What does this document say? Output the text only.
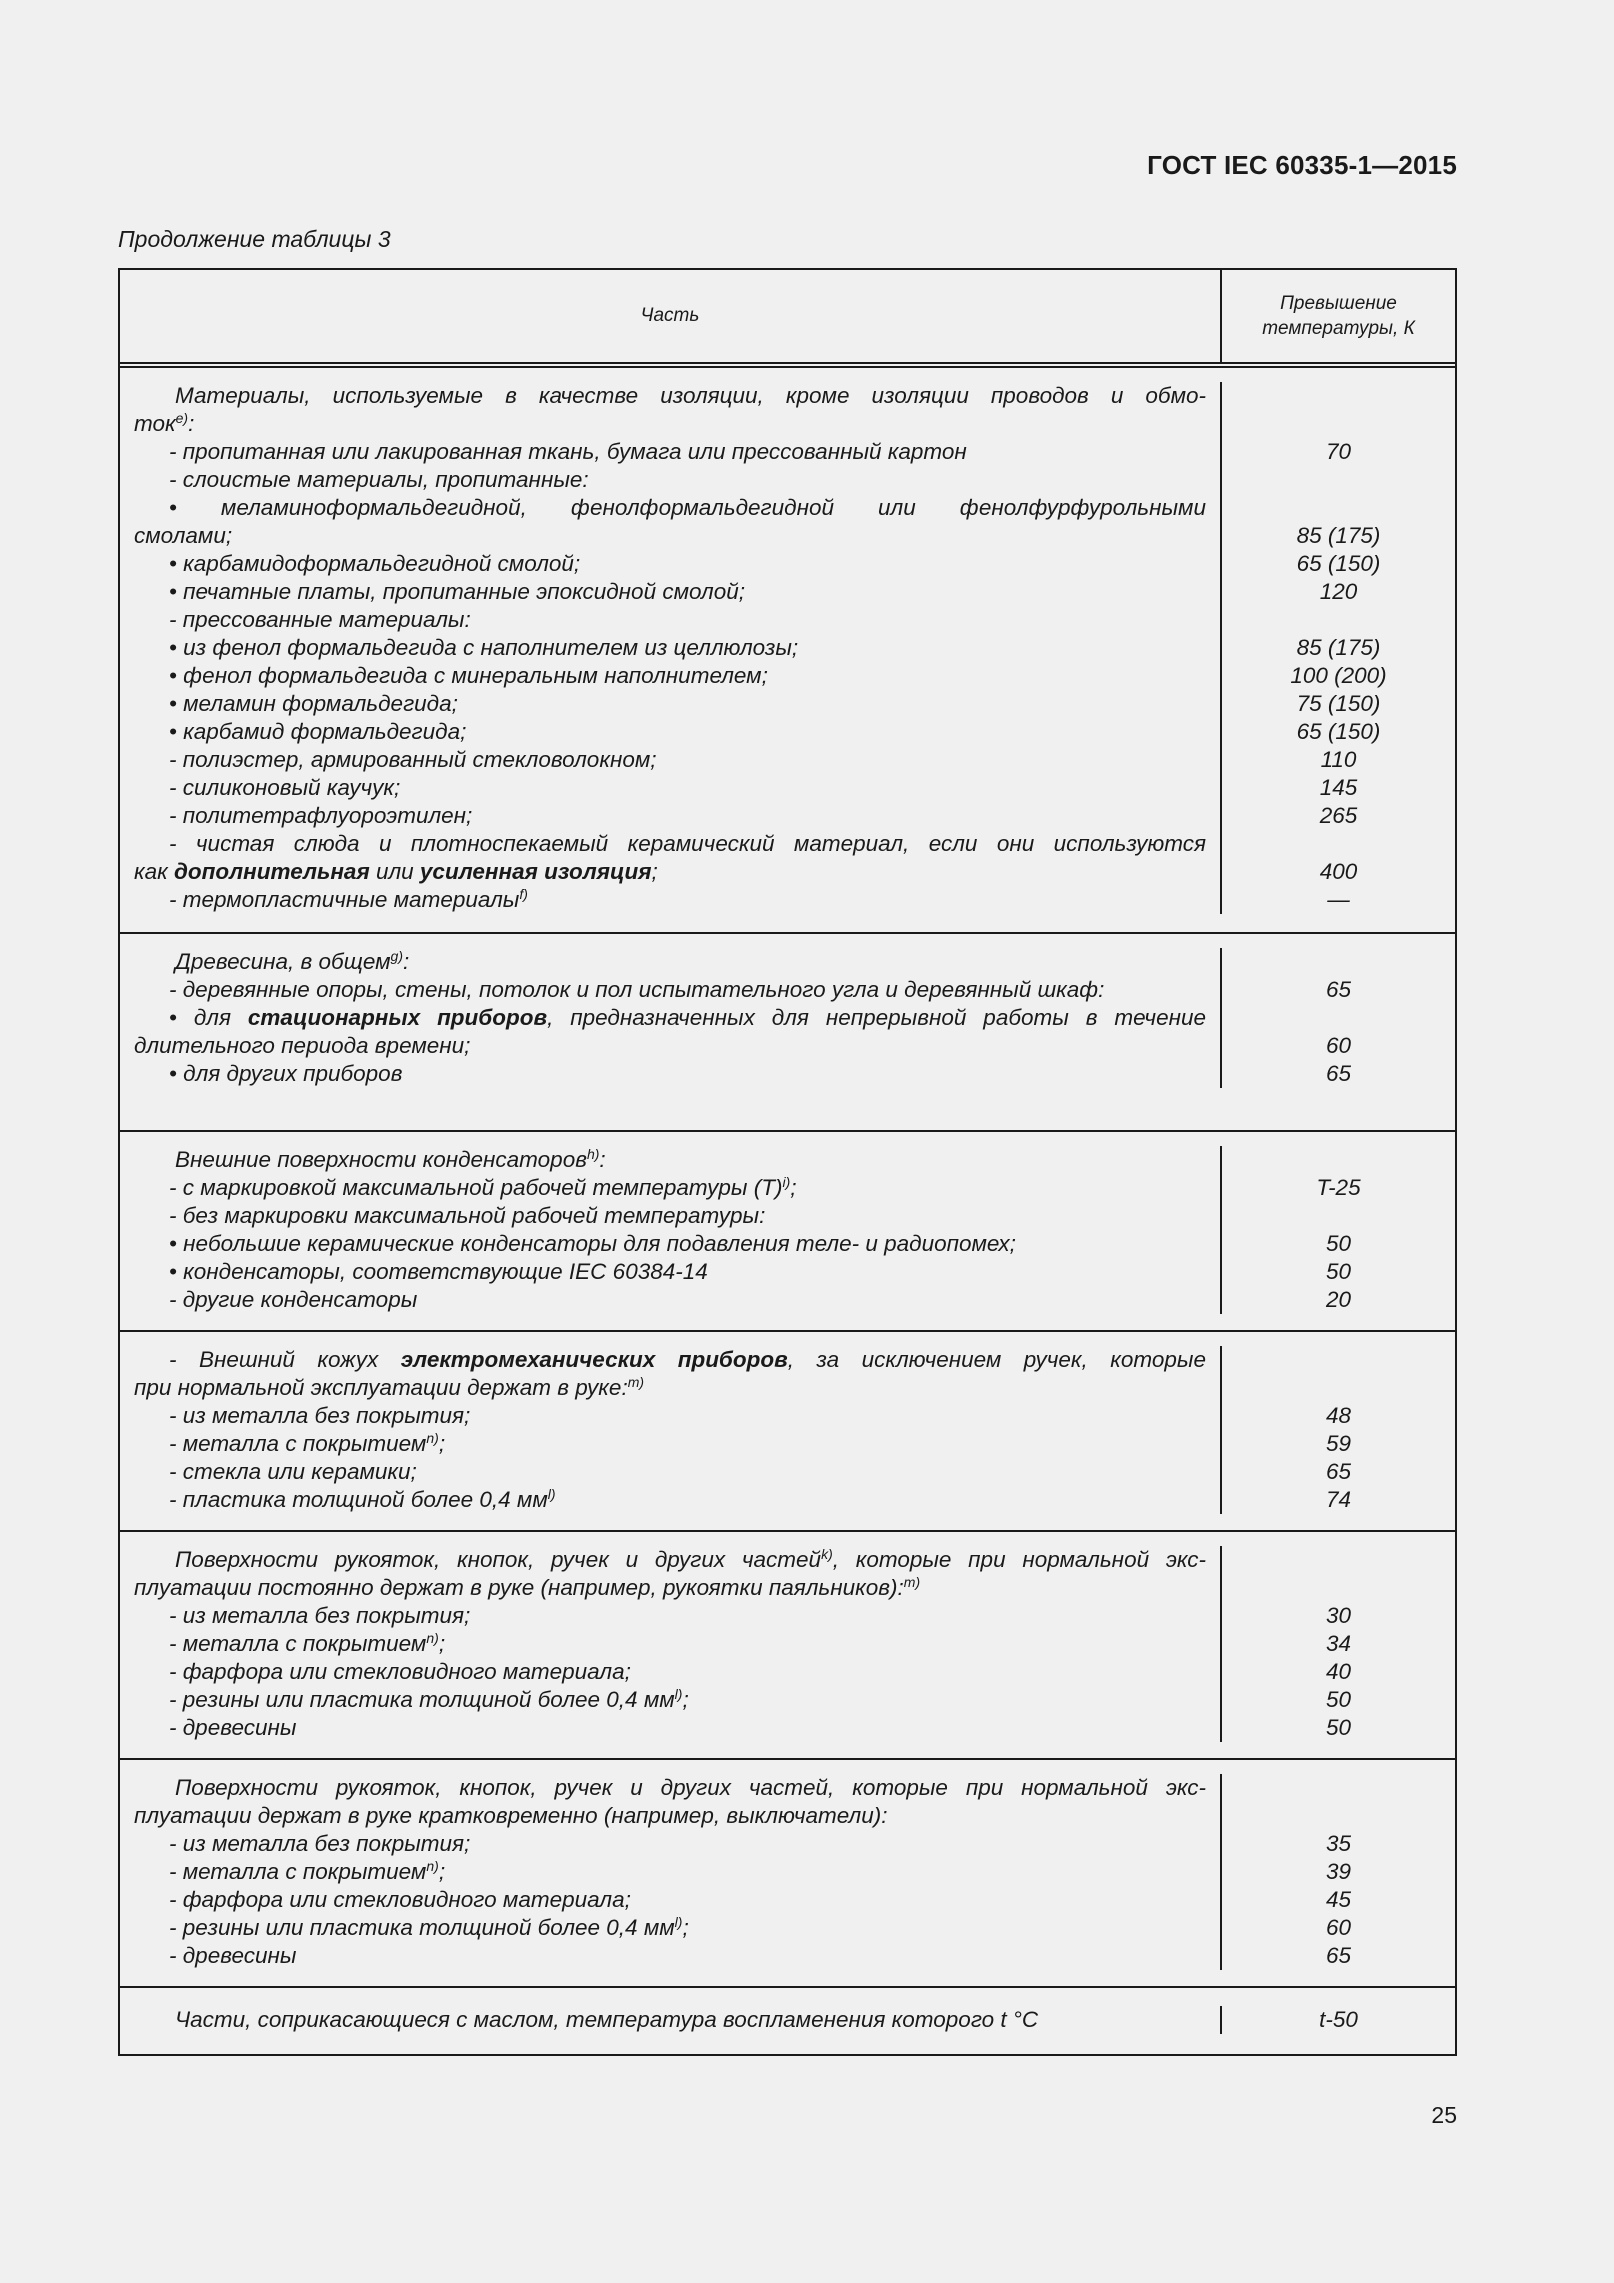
ГОСТ IEC 60335-1—2015
Продолжение таблицы 3
Часть
Превышение
температуры, К
Материалы, используемые в качестве изоляции, кроме изоляции проводов и обмо-
ток$^{e)}$:
- пропитанная или лакированная ткань, бумага или прессованный картон
- слоистые материалы, пропитанные:
• меламиноформальдегидной, фенолформальдегидной или фенолфурфурольными
смолами;
• карбамидоформальдегидной смолой;
• печатные платы, пропитанные эпоксидной смолой;
- прессованные материалы:
• из фенол формальдегида с наполнителем из целлюлозы;
• фенол формальдегида с минеральным наполнителем;
• меламин формальдегида;
• карбамид формальдегида;
- полиэстер, армированный стекловолокном;
- силиконовый каучук;
- политетрафлуороэтилен;
- чистая слюда и плотноспекаемый керамический материал, если они используются
как дополнительная или усиленная изоляция;
- термопластичные материалы$^{f)}$
70
85 (175)
65 (150)
120
85 (175)
100 (200)
75 (150)
65 (150)
110
145
265
400
—
Древесина, в общем$^{g)}$:
- деревянные опоры, стены, потолок и пол испытательного угла и деревянный шкаф:
• для стационарных приборов, предназначенных для непрерывной работы в течение
длительного периода времени;
• для других приборов
65
60
65
Внешние поверхности конденсаторов$^{h)}$:
- с маркировкой максимальной рабочей температуры $(Т)^{i)}$;
- без маркировки максимальной рабочей температуры:
• небольшие керамические конденсаторы для подавления теле- и радиопомех;
• конденсаторы, соответствующие IEC 60384-14
- другие конденсаторы
T-25
50
50
20
- Внешний кожух электромеханических приборов, за исключением ручек, которые
при нормальной эксплуатации держат в руке:$^{m)}$
- из металла без покрытия;
- металла с покрытием$^{n)}$;
- стекла или керамики;
- пластика толщиной более 0,4 $мм^{l)}$
48
59
65
74
Поверхности рукояток, кнопок, ручек и других частей$^{k)}$, которые при нормальной экс-
плуатации постоянно держат в руке (например, рукоятки паяльников):$^{m)}$
- из металла без покрытия;
- металла с покрытием$^{n)}$;
- фарфора или стекловидного материала;
- резины или пластика толщиной более 0,4 $мм^{l)}$;
- древесины
30
34
40
50
50
Поверхности рукояток, кнопок, ручек и других частей, которые при нормальной экс-
плуатации держат в руке кратковременно (например, выключатели):
- из металла без покрытия;
- металла с покрытием$^{n)}$;
- фарфора или стекловидного материала;
- резины или пластика толщиной более 0,4 $мм^{l)}$;
- древесины
35
39
45
60
65
Части, соприкасающиеся с маслом, температура воспламенения которого t °C	t-50
25
